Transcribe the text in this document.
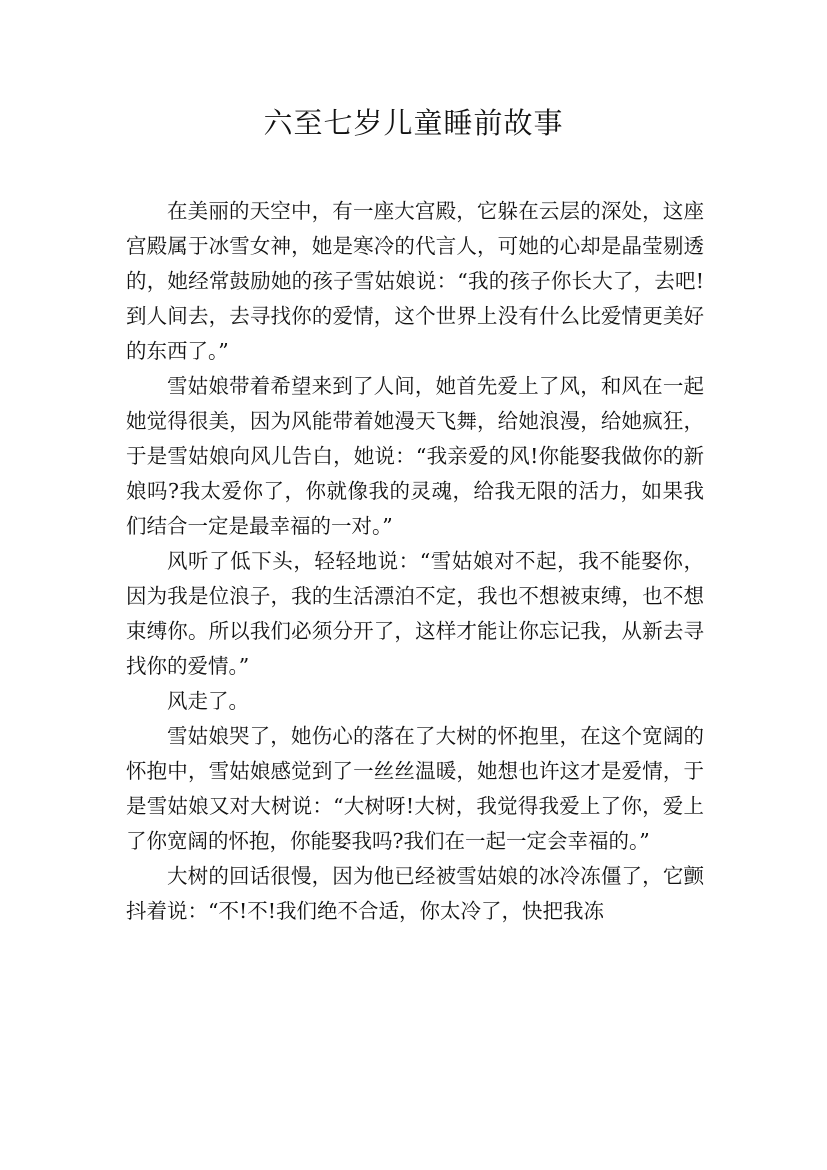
六至七岁儿童睡前故事

在美丽的天空中，有一座大宫殿，它躲在云层的深处，这座宫殿属于冰雪女神，她是寒冷的代言人，可她的心却是晶莹剔透的，她经常鼓励她的孩子雪姑娘说：“我的孩子你长大了，去吧!到人间去，去寻找你的爱情，这个世界上没有什么比爱情更美好的东西了。”

雪姑娘带着希望来到了人间，她首先爱上了风，和风在一起她觉得很美，因为风能带着她漫天飞舞，给她浪漫，给她疯狂，于是雪姑娘向风儿告白，她说：“我亲爱的风!你能娶我做你的新娘吗?我太爱你了，你就像我的灵魂，给我无限的活力，如果我们结合一定是最幸福的一对。”

风听了低下头，轻轻地说：“雪姑娘对不起，我不能娶你，因为我是位浪子，我的生活漂泊不定，我也不想被束缚，也不想束缚你。所以我们必须分开了，这样才能让你忘记我，从新去寻找你的爱情。”

风走了。

雪姑娘哭了，她伤心的落在了大树的怀抱里，在这个宽阔的怀抱中，雪姑娘感觉到了一丝丝温暖，她想也许这才是爱情，于是雪姑娘又对大树说：“大树呀!大树，我觉得我爱上了你，爱上了你宽阔的怀抱，你能娶我吗?我们在一起一定会幸福的。”

大树的回话很慢，因为他已经被雪姑娘的冰冷冻僵了，它颤抖着说：“不!不!我们绝不合适，你太冷了，快把我冻
